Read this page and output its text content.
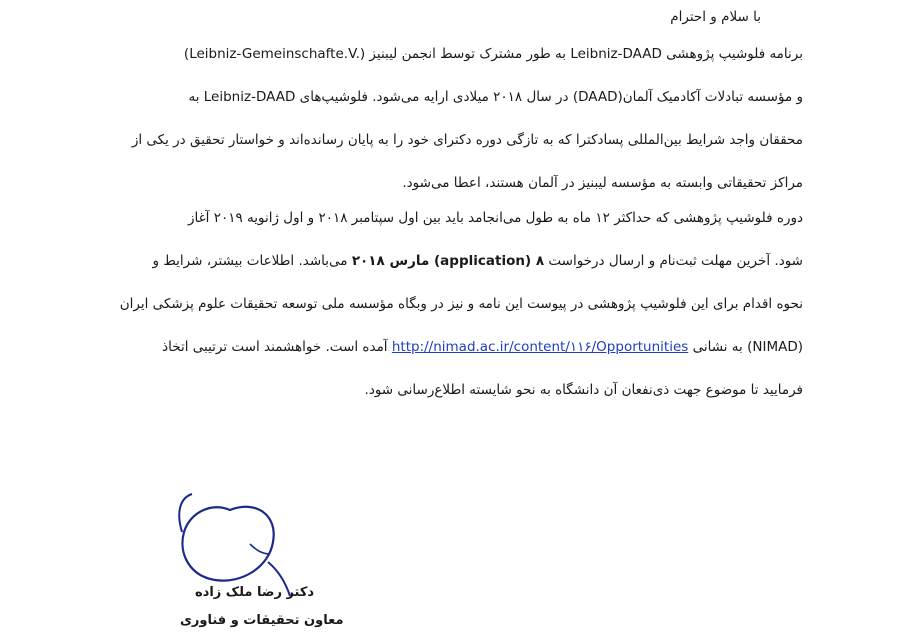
با سلام و احترام
برنامه فلوشیپ پژوهشی Leibniz-DAAD به طور مشترک توسط انجمن لیبنیز (Leibniz-Gemeinschafte.V.)
و مؤسسه تبادلات آکادمیک آلمان(DAAD) در سال ۲۰۱۸ میلادی ارایه می‌شود. فلوشیپ‌های Leibniz-DAAD به
محققان واجد شرایط بین‌المللی پسادکترا که به تازگی دوره دکترای خود را به پایان رسانده‌اند و خواستار تحقیق در یکی از
مراکز تحقیقاتی وابسته به مؤسسه لیبنیز در آلمان هستند، اعطا می‌شود.
دوره فلوشیپ پژوهشی که حداکثر ۱۲ ماه به طول می‌انجامد باید بین اول سپتامبر ۲۰۱۸ و اول ژانویه ۲۰۱۹ آغاز
شود. آخرین مهلت ثبت‌نام و ارسال درخواست (application) ۸ مارس ۲۰۱۸ می‌باشد. اطلاعات بیشتر، شرایط و
نحوه اقدام برای این فلوشیپ پژوهشی در پیوست این نامه و نیز در وبگاه مؤسسه ملی توسعه تحقیقات علوم پزشکی ایران
(NIMAD) به نشانی http://nimad.ac.ir/content/۱۱۶/Opportunities آمده است. خواهشمند است ترتیبی اتخاذ
فرمایید تا موضوع جهت ذی‌نفعان آن دانشگاه به نحو شایسته اطلاع‌رسانی شود.
دکتر رضا ملک زاده
معاون تحقیقات و فناوری
